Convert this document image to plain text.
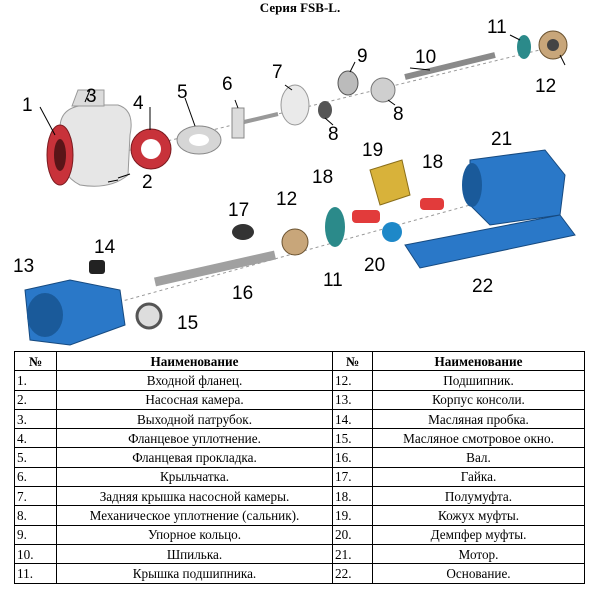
Серия FSB-L.
1
2
3 4
5 6
7
8
9 10
11
12
8
13
14
15
16
17
12
18
18
19
20
11
21
22
№	Наименование	№	Наименование
1.	Входной фланец.	12.	Подшипник.
2.	Насосная камера.	13.	Корпус консоли.
3.	Выходной патрубок.	14.	Масляная пробка.
4.	Фланцевое уплотнение.	15.	Масляное смотровое окно.
5.	Фланцевая прокладка.	16.	Вал.
6.	Крыльчатка.	17.	Гайка.
7.	Задняя крышка насосной камеры.	18.	Полумуфта.
8.	Механическое уплотнение (сальник).	19.	Кожух муфты.
9.	Упорное кольцо.	20.	Демпфер муфты.
10.	Шпилька.	21.	Мотор.
11.	Крышка подшипника.	22.	Основание.
